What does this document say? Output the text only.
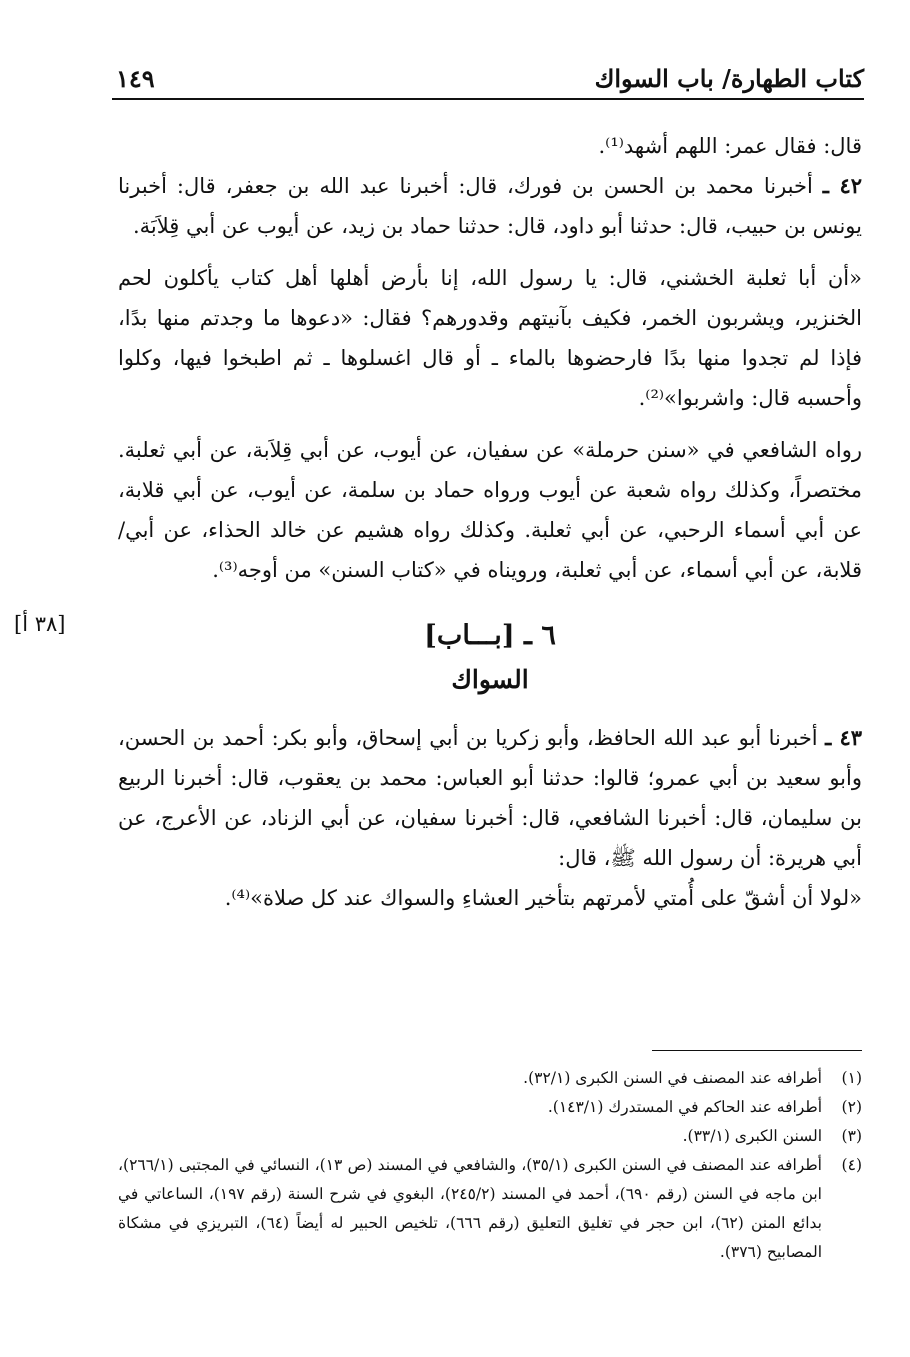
كتاب الطهارة/ باب السواك
١٤٩
[٣٨ أ]

قال: فقال عمر: اللهم أشهد⁽¹⁾.

٤٢ ـ أخبرنا محمد بن الحسن بن فورك، قال: أخبرنا عبد الله بن جعفر، قال: أخبرنا يونس بن حبيب، قال: حدثنا أبو داود، قال: حدثنا حماد بن زيد، عن أيوب عن أبي قِلاَبَة.

«أن أبا ثعلبة الخشني، قال: يا رسول الله، إنا بأرض أهلها أهل كتاب يأكلون لحم الخنزير، ويشربون الخمر، فكيف بآنيتهم وقدورهم؟ فقال: «دعوها ما وجدتم منها بدًا، فإذا لم تجدوا منها بدًا فارحضوها بالماء ـ أو قال اغسلوها ـ ثم اطبخوا فيها، وكلوا وأحسبه قال: واشربوا»⁽²⁾.

رواه الشافعي في «سنن حرملة» عن سفيان، عن أيوب، عن أبي قِلاَبة، عن أبي ثعلبة. مختصراً، وكذلك رواه شعبة عن أيوب ورواه حماد بن سلمة، عن أيوب، عن أبي قلابة، عن أبي أسماء الرحبي، عن أبي ثعلبة. وكذلك رواه هشيم عن خالد الحذاء، عن أبي/ قلابة، عن أبي أسماء، عن أبي ثعلبة، ورويناه في «كتاب السنن» من أوجه⁽³⁾.

٦ ـ [بـــاب]
السواك

٤٣ ـ أخبرنا أبو عبد الله الحافظ، وأبو زكريا بن أبي إسحاق، وأبو بكر: أحمد بن الحسن، وأبو سعيد بن أبي عمرو؛ قالوا: حدثنا أبو العباس: محمد بن يعقوب، قال: أخبرنا الربيع بن سليمان، قال: أخبرنا الشافعي، قال: أخبرنا سفيان، عن أبي الزناد، عن الأعرج، عن أبي هريرة: أن رسول الله ﷺ، قال:

«لولا أن أشقّ على أُمتي لأمرتهم بتأخير العشاءِ والسواك عند كل صلاة»⁽⁴⁾.

(١)
أطرافه عند المصنف في السنن الكبرى (٣٢/١).
(٢)
أطرافه عند الحاكم في المستدرك (١٤٣/١).
(٣)
السنن الكبرى (٣٣/١).
(٤)
أطرافه عند المصنف في السنن الكبرى (٣٥/١)، والشافعي في المسند (ص ١٣)، النسائي في المجتبى (٢٦٦/١)، ابن ماجه في السنن (رقم ٦٩٠)، أحمد في المسند (٢٤٥/٢)، البغوي في شرح السنة (رقم ١٩٧)، الساعاتي في بدائع المنن (٦٢)، ابن حجر في تغليق التعليق (رقم ٦٦٦)، تلخيص الحبير له أيضاً (٦٤)، التبريزي في مشكاة المصابيح (٣٧٦).
